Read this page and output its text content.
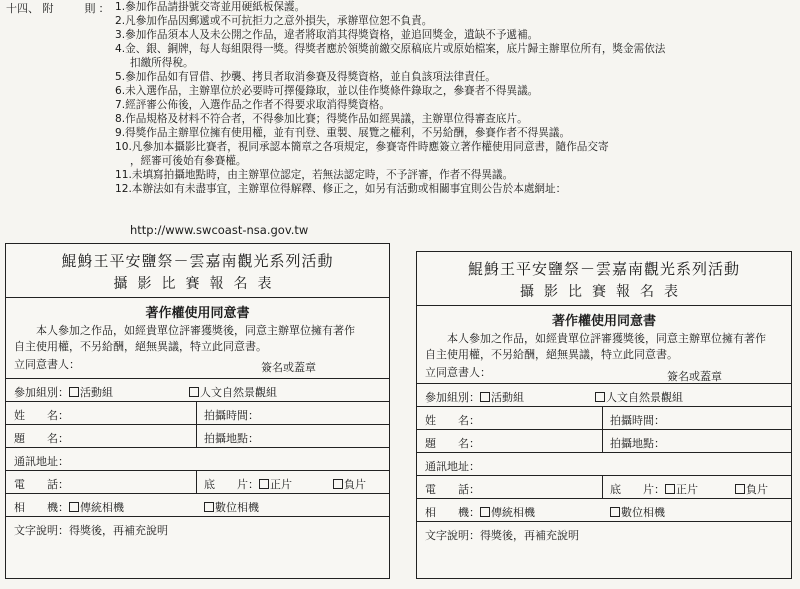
十四、 附　　則： 1.參加作品請掛號交寄並用硬紙板保護。
2.凡參加作品因郵遞或不可抗拒力之意外損失，承辦單位恕不負責。
3.參加作品須本人及未公開之作品，違者將取消其得獎資格，並追回獎金，遺缺不予遞補。
4.金、銀、銅牌，每人每組限得一獎。得獎者應於領獎前繳交原稿底片或原始檔案，底片歸主辦單位所有，獎金需依法
扣繳所得稅。
5.參加作品如有冒借、抄襲、拷貝者取消參賽及得獎資格，並自負該項法律責任。
6.未入選作品，主辦單位於必要時可擇優錄取，並以佳作獎條件錄取之，參賽者不得異議。
7.經評審公佈後，入選作品之作者不得要求取消得獎資格。
8.作品規格及材料不符合者，不得參加比賽；得獎作品如經異議，主辦單位得審查底片。
9.得獎作品主辦單位擁有使用權，並有刊登、重製、展覽之權利，不另給酬，參賽作者不得異議。
10.凡參加本攝影比賽者，視同承認本簡章之各項規定，參賽寄件時應簽立著作權使用同意書，隨作品交寄
，經審可後始有參賽權。
11.未填寫拍攝地點時，由主辦單位認定，若無法認定時，不予評審，作者不得異議。
12.本辦法如有未盡事宜，主辦單位得解釋、修正之，如另有活動或相關事宜則公告於本處網址：
http://www.swcoast-nsa.gov.tw
鯤鯓王平安鹽祭－雲嘉南觀光系列活動
攝影比賽報名表
著作權使用同意書
本人參加之作品，如經貴單位評審獲獎後，同意主辦單位擁有著作
自主使用權，不另給酬，絕無異議，特立此同意書。
立同意書人：	簽名或蓋章
參加組別： 活動組	人文自然景觀組
姓　　名：	拍攝時間：
題　　名：	拍攝地點：
通訊地址：
電　　話：	底　　片： 正片	負片
相　　機： 傳統相機	數位相機
文字說明：得獎後，再補充說明
鯤鯓王平安鹽祭－雲嘉南觀光系列活動
攝影比賽報名表
著作權使用同意書
本人參加之作品，如經貴單位評審獲獎後，同意主辦單位擁有著作
自主使用權，不另給酬，絕無異議，特立此同意書。
立同意書人：	簽名或蓋章
參加組別： 活動組	人文自然景觀組
姓　　名：	拍攝時間：
題　　名：	拍攝地點：
通訊地址：
電　　話：	底　　片： 正片	負片
相　　機： 傳統相機	數位相機
文字說明：得獎後，再補充說明
